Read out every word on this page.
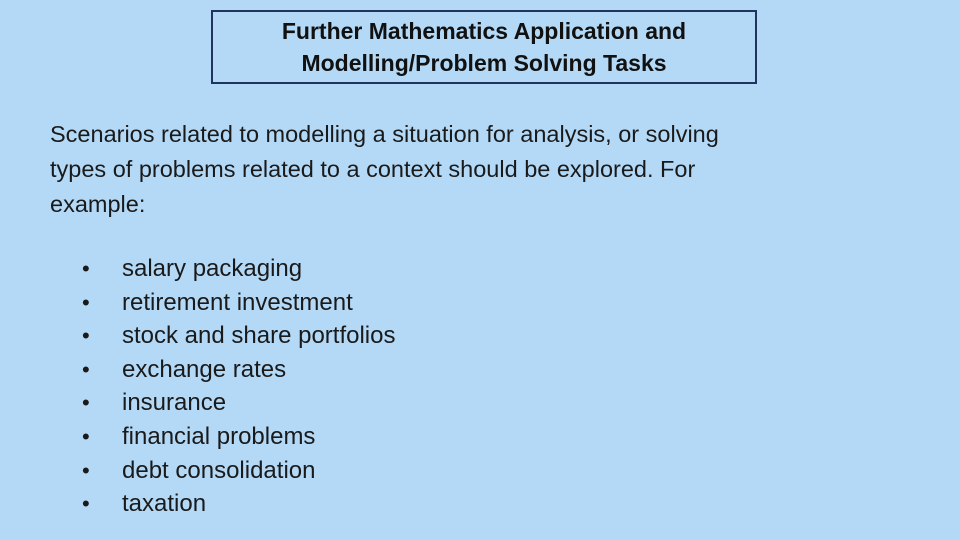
Further Mathematics Application and
Modelling/Problem Solving Tasks

Scenarios related to modelling a situation for analysis, or solving
types of problems related to a context should be explored. For
example:

•	salary packaging
•	retirement investment
•	stock and share portfolios
•	exchange rates
•	insurance
•	financial problems
•	debt consolidation
•	taxation
